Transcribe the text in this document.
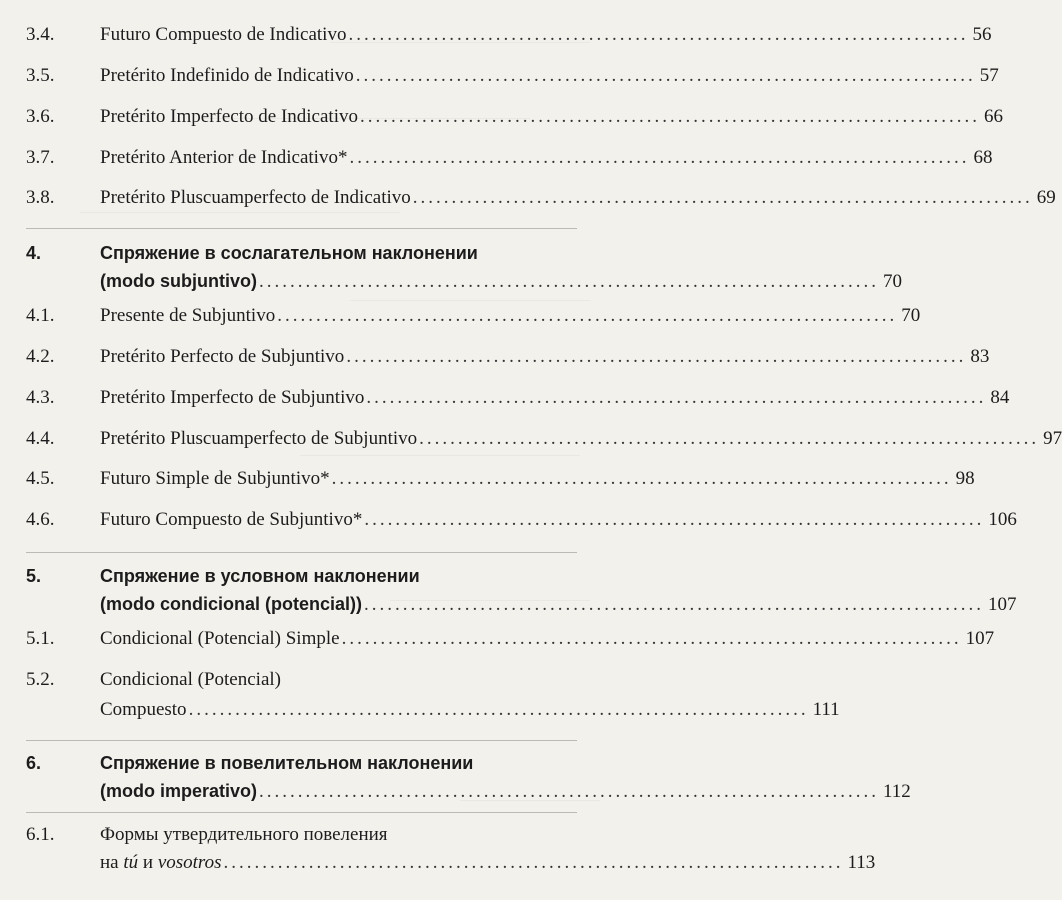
3.4. Futuro Compuesto de Indicativo ................................................................................ 56
3.5. Pretérito Indefinido de Indicativo ................................................................................ 57
3.6. Pretérito Imperfecto de Indicativo ................................................................................ 66
3.7. Pretérito Anterior de Indicativo* ................................................................................ 68
3.8. Pretérito Pluscuamperfecto de Indicativo ................................................................................ 69
4.	Спряжение в сослагательном наклонении
(modo subjuntivo) ................................................................................ 70
4.1. Presente de Subjuntivo ................................................................................ 70
4.2. Pretérito Perfecto de Subjuntivo ................................................................................ 83
4.3. Pretérito Imperfecto de Subjuntivo ................................................................................ 84
4.4. Pretérito Pluscuamperfecto de Subjuntivo ................................................................................ 97
4.5. Futuro Simple de Subjuntivo* ................................................................................ 98
4.6. Futuro Compuesto de Subjuntivo* ................................................................................ 106
5.	Спряжение в условном наклонении
(modo condicional (potencial)) ................................................................................ 107
5.1. Condicional (Potencial) Simple ................................................................................ 107
5.2. Condicional (Potencial)
Compuesto ................................................................................ 111
6.	Спряжение в повелительном наклонении
(modo imperativo) ................................................................................ 112
6.1. Формы утвердительного повеления
на tú и vosotros ................................................................................ 113
